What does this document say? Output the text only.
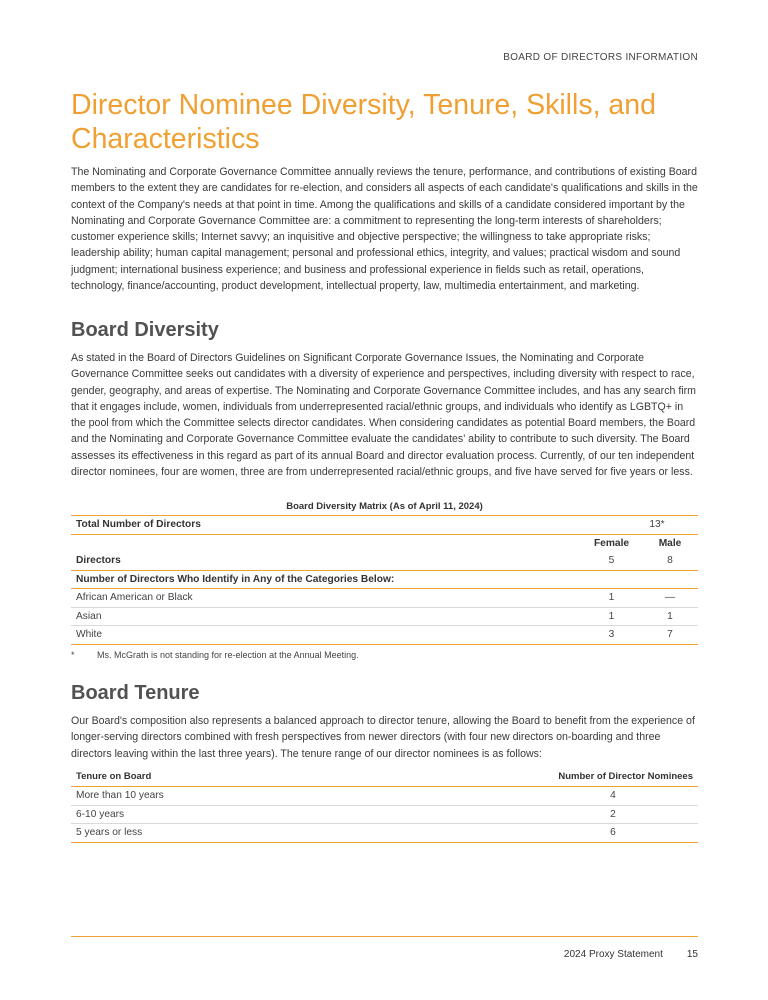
BOARD OF DIRECTORS INFORMATION
Director Nominee Diversity, Tenure, Skills, and Characteristics

The Nominating and Corporate Governance Committee annually reviews the tenure, performance, and contributions of existing Board members to the extent they are candidates for re-election, and considers all aspects of each candidate's qualifications and skills in the context of the Company's needs at that point in time. Among the qualifications and skills of a candidate considered important by the Nominating and Corporate Governance Committee are: a commitment to representing the long-term interests of shareholders; customer experience skills; Internet savvy; an inquisitive and objective perspective; the willingness to take appropriate risks; leadership ability; human capital management; personal and professional ethics, integrity, and values; practical wisdom and sound judgment; international business experience; and business and professional experience in fields such as retail, operations, technology, finance/accounting, product development, intellectual property, law, multimedia entertainment, and marketing.

Board Diversity

As stated in the Board of Directors Guidelines on Significant Corporate Governance Issues, the Nominating and Corporate Governance Committee seeks out candidates with a diversity of experience and perspectives, including diversity with respect to race, gender, geography, and areas of expertise. The Nominating and Corporate Governance Committee includes, and has any search firm that it engages include, women, individuals from underrepresented racial/ethnic groups, and individuals who identify as LGBTQ+ in the pool from which the Committee selects director candidates. When considering candidates as potential Board members, the Board and the Nominating and Corporate Governance Committee evaluate the candidates' ability to contribute to such diversity. The Board assesses its effectiveness in this regard as part of its annual Board and director evaluation process. Currently, of our ten independent director nominees, four are women, three are from underrepresented racial/ethnic groups, and five have served for five years or less.

Board Diversity Matrix (As of April 11, 2024)
Total Number of Directors	13*	
	Female	Male
Directors	5	8
Number of Directors Who Identify in Any of the Categories Below:		
African American or Black	1	—
Asian	1	1
White	3	7
* Ms. McGrath is not standing for re-election at the Annual Meeting.
Board Tenure

Our Board's composition also represents a balanced approach to director tenure, allowing the Board to benefit from the experience of longer-serving directors combined with fresh perspectives from newer directors (with four new directors on-boarding and three directors leaving within the last three years). The tenure range of our director nominees is as follows:

Tenure on Board	Number of Director Nominees
More than 10 years	4
6-10 years	2
5 years or less	6
2024 Proxy Statement 15
